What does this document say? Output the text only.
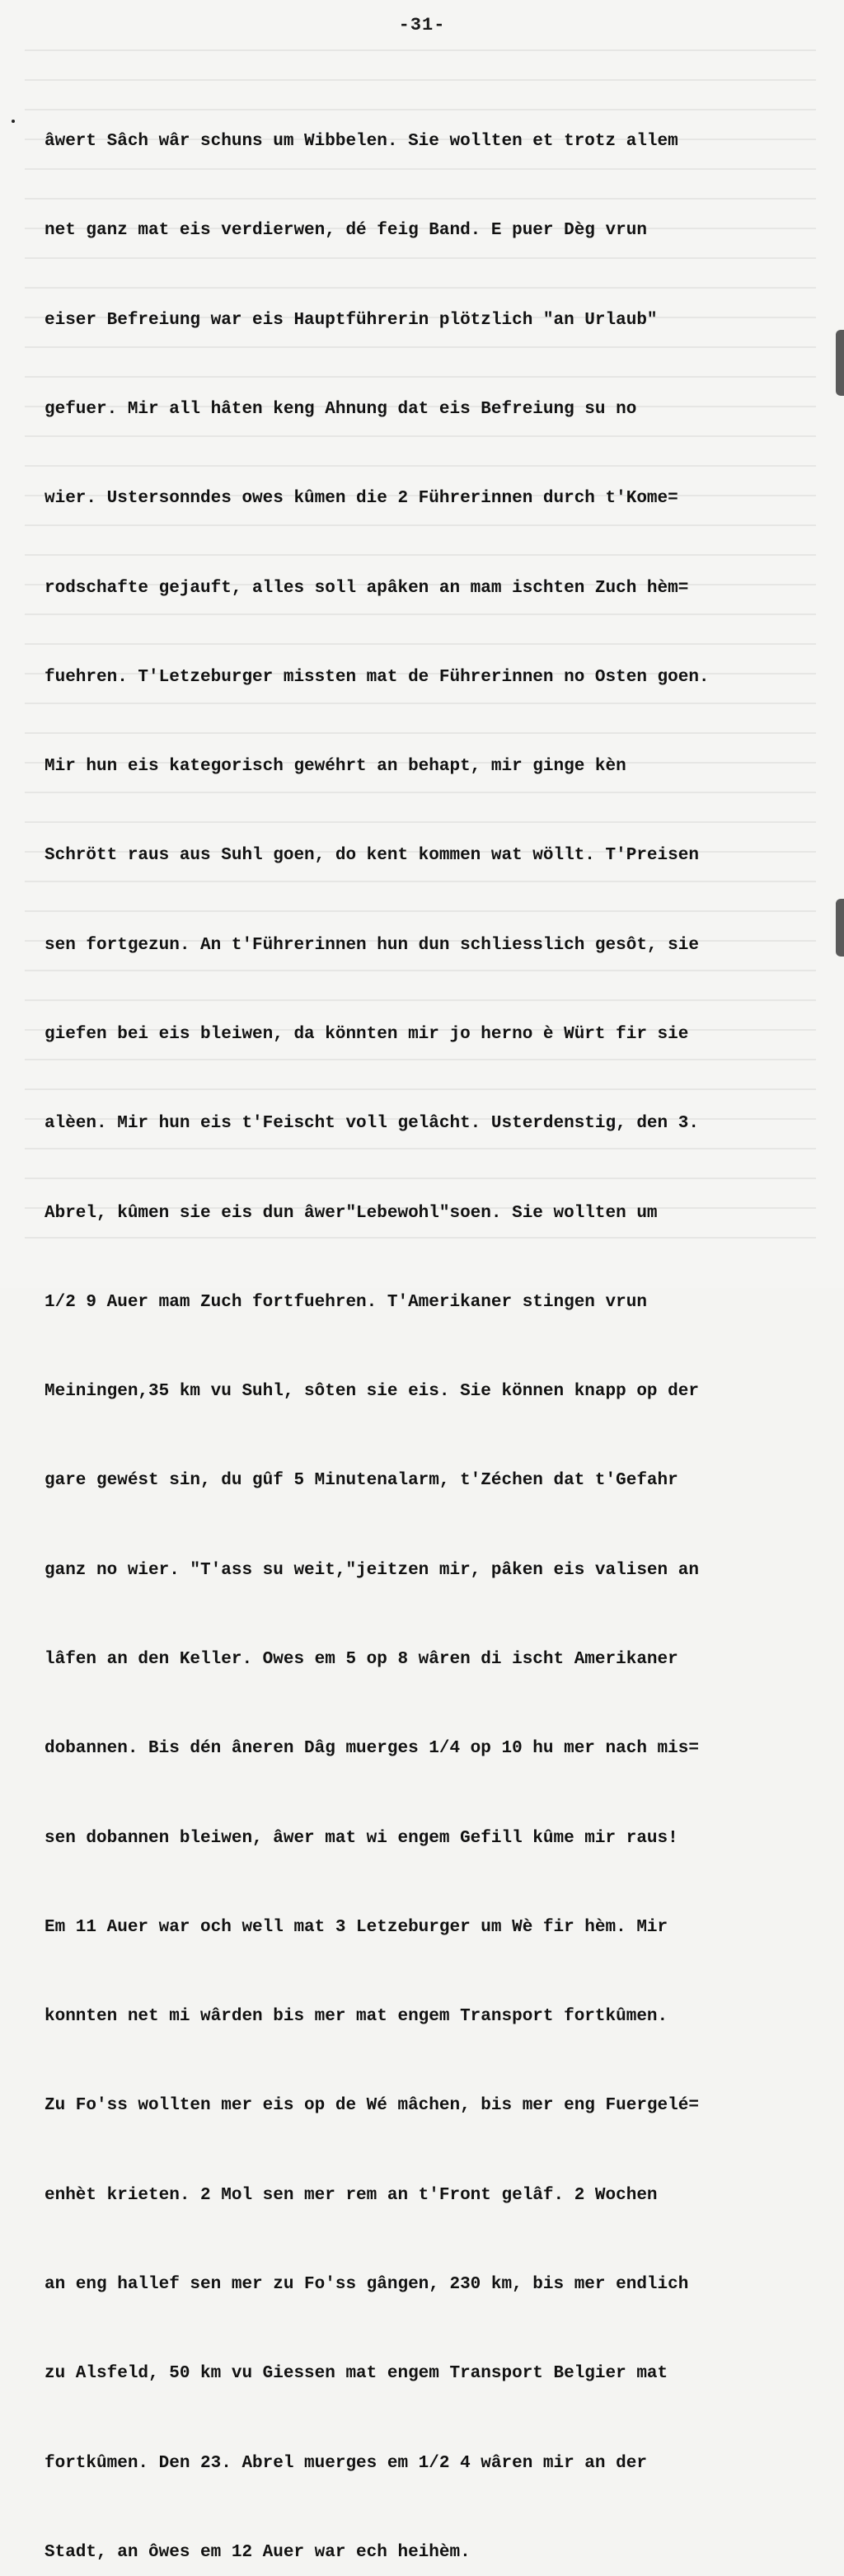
-31-

âwert Sâch wâr schuns um Wibbelen. Sie wollten et trotz allem

net ganz mat eis verdierwen, dé feig Band. E puer Dèg vrun

eiser Befreiung war eis Hauptführerin plötzlich "an Urlaub"

gefuer. Mir all hâten keng Ahnung dat eis Befreiung su no

wier. Ustersonndes owes kûmen die 2 Führerinnen durch t'Kome=

rodschafte gejauft, alles soll apâken an mam ischten Zuch hèm=

fuehren. T'Letzeburger missten mat de Führerinnen no Osten goen.

Mir hun eis kategorisch gewéhrt an behapt, mir ginge kèn

Schrött raus aus Suhl goen, do kent kommen wat wöllt. T'Preisen

sen fortgezun. An t'Führerinnen hun dun schliesslich gesôt, sie

giefen bei eis bleiwen, da könnten mir jo herno è Würt fir sie

alèen. Mir hun eis t'Feischt voll gelâcht. Usterdenstig, den 3.

Abrel, kûmen sie eis dun âwer"Lebewohl"soen. Sie wollten um

1/2 9 Auer mam Zuch fortfuehren. T'Amerikaner stingen vrun

Meiningen,35 km vu Suhl, sôten sie eis. Sie können knapp op der

gare gewést sin, du gûf 5 Minutenalarm, t'Zéchen dat t'Gefahr

ganz no wier. "T'ass su weit,"jeitzen mir, pâken eis valisen an

lâfen an den Keller. Owes em 5 op 8 wâren di ischt Amerikaner

dobannen. Bis dén âneren Dâg muerges 1/4 op 10 hu mer nach mis=

sen dobannen bleiwen, âwer mat wi engem Gefill kûme mir raus!

Em 11 Auer war och well mat 3 Letzeburger um Wè fir hèm. Mir

konnten net mi wârden bis mer mat engem Transport fortkûmen.

Zu Fo'ss wollten mer eis op de Wé mâchen, bis mer eng Fuergelé=

enhèt krieten. 2 Mol sen mer rem an t'Front gelâf. 2 Wochen

an eng hallef sen mer zu Fo'ss gângen, 230 km, bis mer endlich

zu Alsfeld, 50 km vu Giessen mat engem Transport Belgier mat

fortkûmen. Den 23. Abrel muerges em 1/2 4 wâren mir an der

Stadt, an ôwes em 12 Auer war ech heihèm.
